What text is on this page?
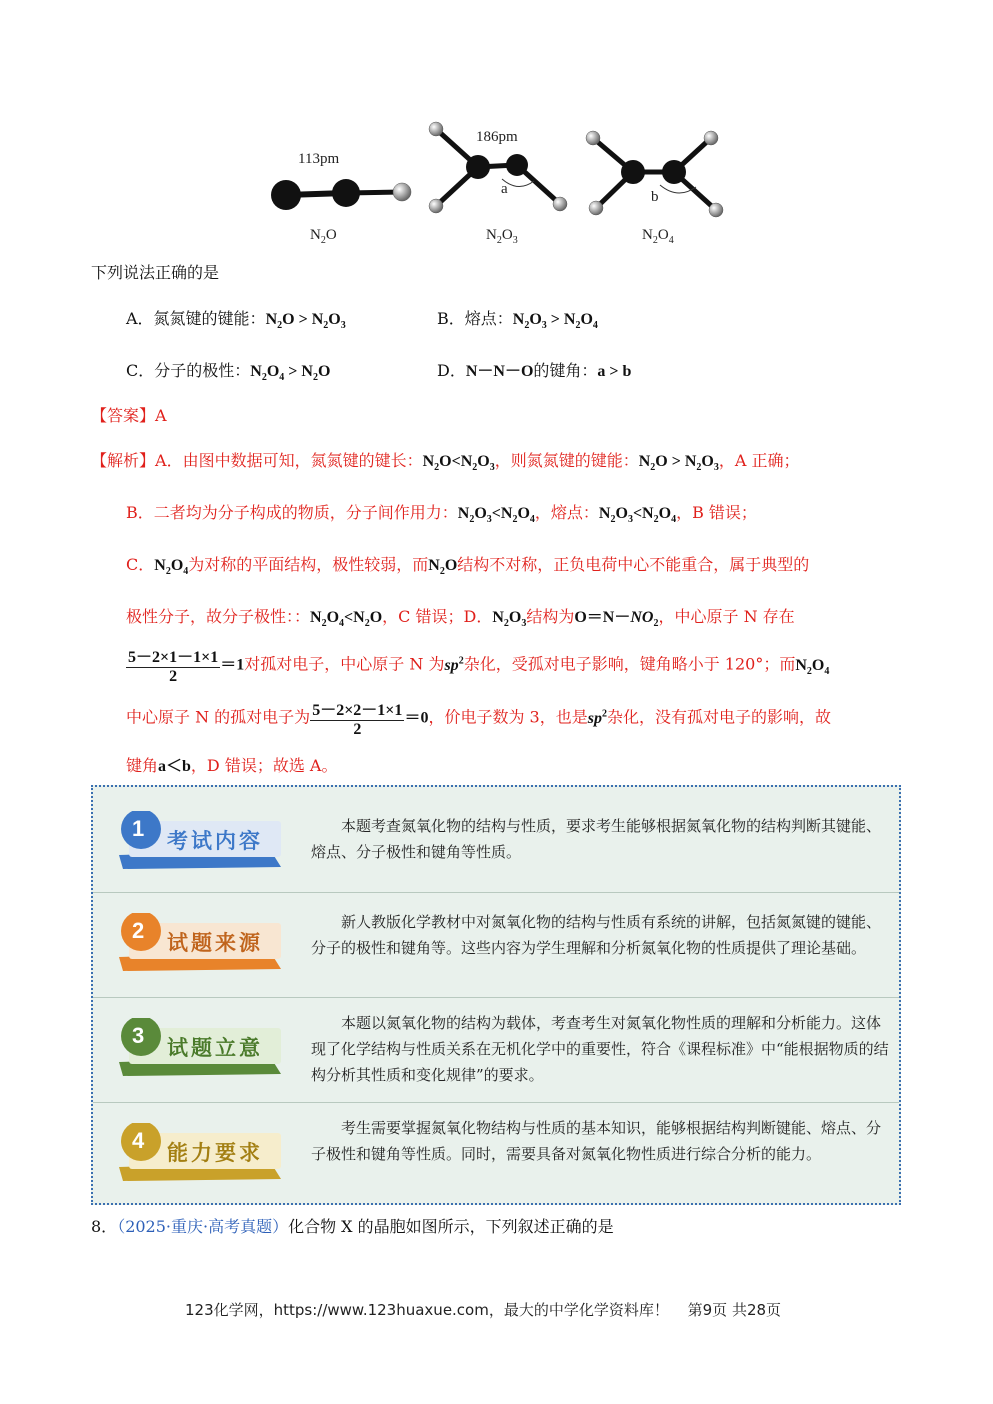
113pm
186pm
a	b
$N_2O$	$N_2O_3$	$N_2O_4$
下列说法正确的是
A．氮氮键的键能：$N_2O > N_2O_3$	B．熔点：$N_2O_3 > N_2O_4$
C．分子的极性：$N_2O_4 > N_2O$	D．N－N－O的键角：a > b
【答案】A
【解析】A．由图中数据可知，氮氮键的键长：$N_2O<N_2O_3$，则氮氮键的键能：$N_2O > N_2O_3$，A 正确；
B．二者均为分子构成的物质，分子间作用力：$N_2O_3<N_2O_4$，熔点：$N_2O_3<N_2O_4$，B 错误；
C．$N_2O_4$为对称的平面结构，极性较弱，而$N_2O$结构不对称，正负电荷中心不能重合，属于典型的
极性分子，故分子极性：：$N_2O_4<N_2O$，C 错误；D．$N_2O_3$结构为$O=N-NO_2$，中心原子 N 存在
$\frac{5-2\times 1-1\times 1}{2} =1$对孤对电子，中心原子 N 为$sp^2$杂化，受孤对电子影响，键角略小于 120°；而$N_2O_4$
中心原子 N 的孤对电子为 $\frac{5-2\times 2-1\times 1}{2} =0$，价电子数为 3，也是$sp^2$杂化，没有孤对电子的影响，故
键角a＜b，D 错误；故选 A。
1 考试内容
本题考查氮氧化物的结构与性质，要求考生能够根据氮氧化物的结构判断其键能、熔点、分子极性和键角等性质。
2 试题来源
新人教版化学教材中对氮氧化物的结构与性质有系统的讲解，包括氮氮键的键能、分子的极性和键角等。这些内容为学生理解和分析氮氧化物的性质提供了理论基础。
3 试题立意
本题以氮氧化物的结构为载体，考查考生对氮氧化物性质的理解和分析能力。这体现了化学结构与性质关系在无机化学中的重要性，符合《课程标准》中“能根据物质的结构分析其性质和变化规律”的要求。
4 能力要求
考生需要掌握氮氧化物结构与性质的基本知识，能够根据结构判断键能、熔点、分子极性和键角等性质。同时，需要具备对氮氧化物性质进行综合分析的能力。
8．（2025·重庆·高考真题）化合物 X 的晶胞如图所示，下列叙述正确的是
123化学网，https://www.123huaxue.com，最大的中学化学资料库！ 第9页 共28页
